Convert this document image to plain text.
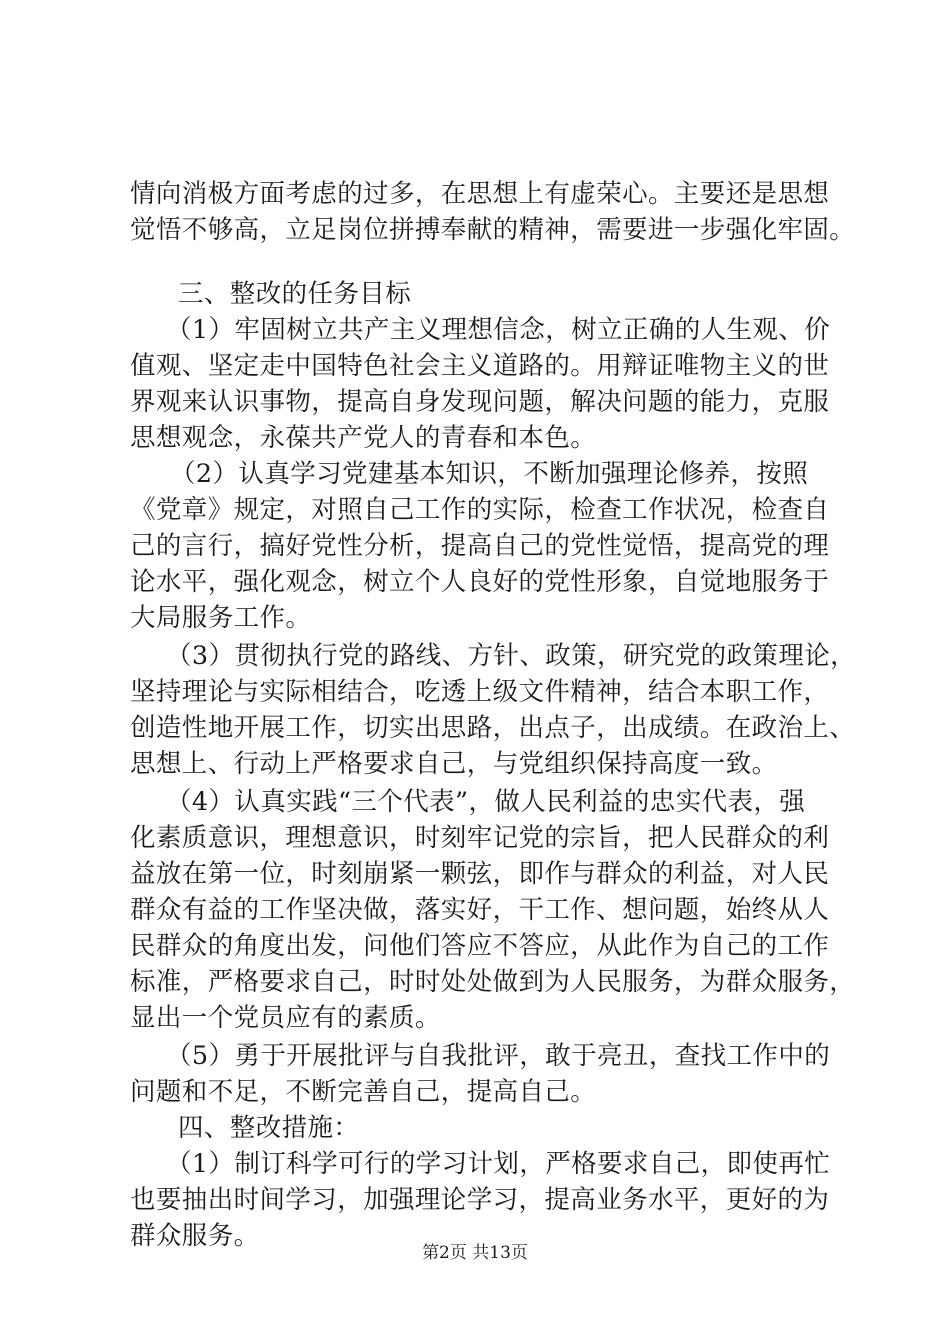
情向消极方面考虑的过多，在思想上有虚荣心。主要还是思想
觉悟不够高，立足岗位拼搏奉献的精神，需要进一步强化牢固。
三、整改的任务目标
（1）牢固树立共产主义理想信念，树立正确的人生观、价
值观、坚定走中国特色社会主义道路的。用辩证唯物主义的世
界观来认识事物，提高自身发现问题，解决问题的能力，克服
思想观念，永葆共产党人的青春和本色。
（2）认真学习党建基本知识，不断加强理论修养，按照
《党章》规定，对照自己工作的实际，检查工作状况，检查自
己的言行，搞好党性分析，提高自己的党性觉悟，提高党的理
论水平，强化观念，树立个人良好的党性形象，自觉地服务于
大局服务工作。
（3）贯彻执行党的路线、方针、政策，研究党的政策理论，
坚持理论与实际相结合，吃透上级文件精神，结合本职工作，
创造性地开展工作，切实出思路，出点子，出成绩。在政治上、
思想上、行动上严格要求自己，与党组织保持高度一致。
（4）认真实践“三个代表”，做人民利益的忠实代表，强
化素质意识，理想意识，时刻牢记党的宗旨，把人民群众的利
益放在第一位，时刻崩紧一颗弦，即作与群众的利益，对人民
群众有益的工作坚决做，落实好，干工作、想问题，始终从人
民群众的角度出发，问他们答应不答应，从此作为自己的工作
标准，严格要求自己，时时处处做到为人民服务，为群众服务，
显出一个党员应有的素质。
（5）勇于开展批评与自我批评，敢于亮丑，查找工作中的
问题和不足，不断完善自己，提高自己。
四、整改措施：
（1）制订科学可行的学习计划，严格要求自己，即使再忙
也要抽出时间学习，加强理论学习，提高业务水平，更好的为
群众服务。
第2页 共13页
